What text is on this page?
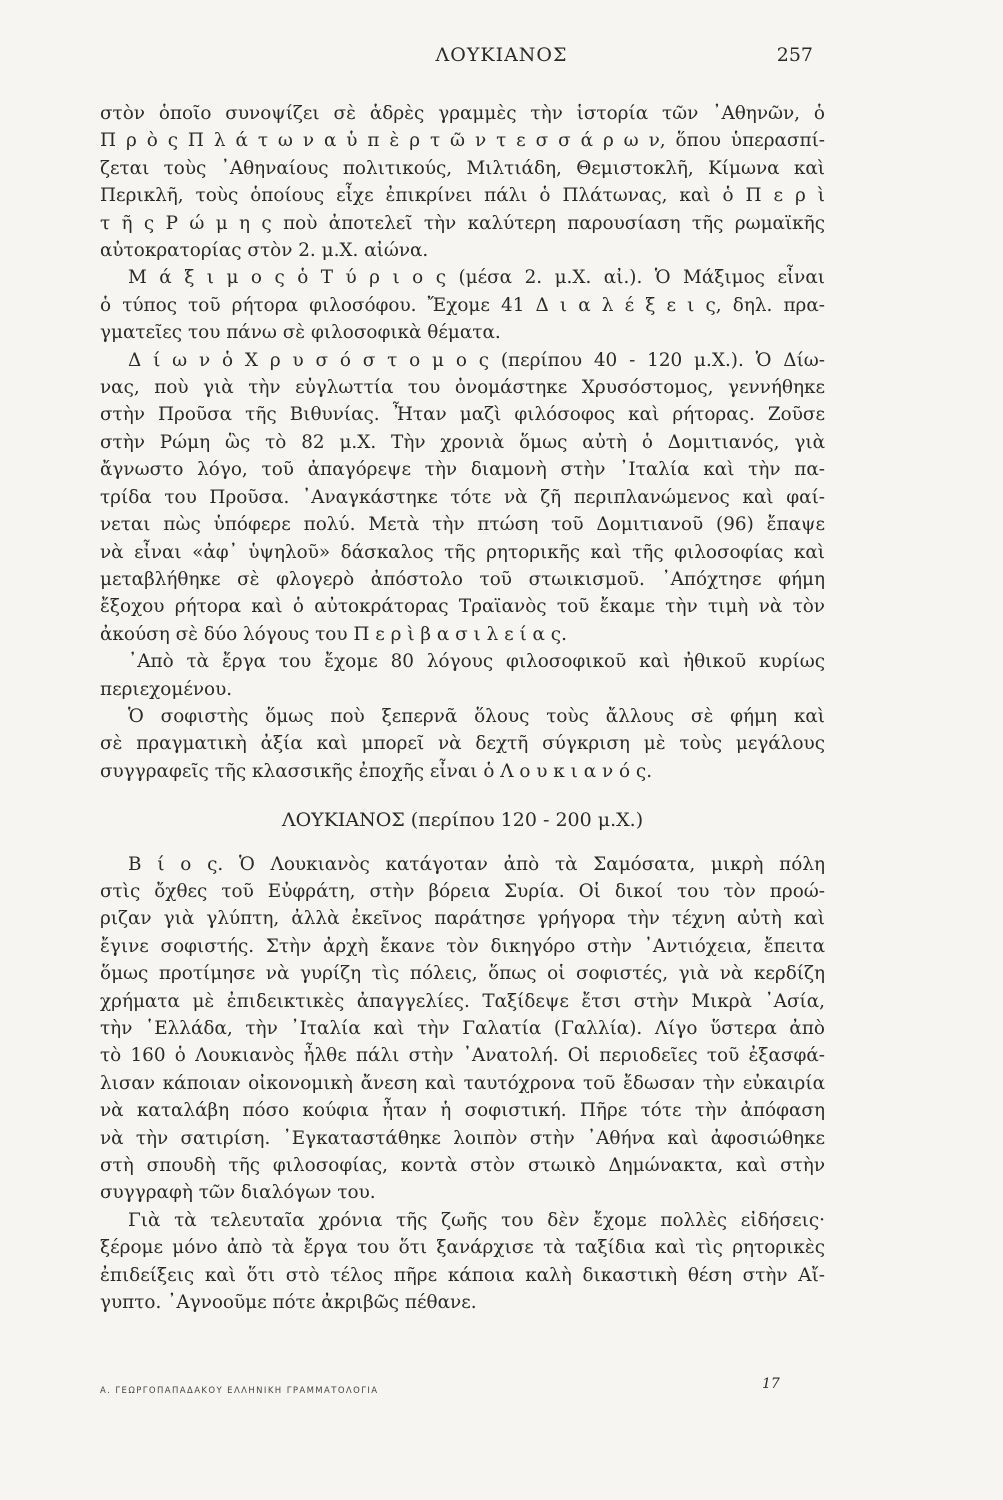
ΛΟΥΚΙΑΝΟΣ	257
στὸν ὁποῖο συνοψίζει σὲ ἁδρὲς γραμμὲς τὴν ἱστορία τῶν ᾿Αθηνῶν, ὁ
Π ρ ὸ ς Π λ ά τ ω ν α ὑ π ὲ ρ τ ῶ ν τ ε σ σ ά ρ ω ν, ὅπου ὑπερασπί-
ζεται τοὺς ᾿Αθηναίους πολιτικούς, Μιλτιάδη, Θεμιστοκλῆ, Κίμωνα καὶ
Περικλῆ, τοὺς ὁποίους εἶχε ἐπικρίνει πάλι ὁ Πλάτωνας, καὶ ὁ Π ε ρ ὶ
τ ῆ ς Ρ ώ μ η ς ποὺ ἀποτελεῖ τὴν καλύτερη παρουσίαση τῆς ρωμαϊκῆς
αὐτοκρατορίας στὸν 2. μ.Χ. αἰώνα.
Μ ά ξ ι μ ο ς ὁ Τ ύ ρ ι ο ς (μέσα 2. μ.Χ. αἰ.). Ὁ Μάξιμος εἶναι
ὁ τύπος τοῦ ρήτορα φιλοσόφου. Ἔχομε 41 Δ ι α λ έ ξ ε ι ς, δηλ. πρα-
γματεῖες του πάνω σὲ φιλοσοφικὰ θέματα.
Δ ί ω ν ὁ Χ ρ υ σ ό σ τ ο μ ο ς (περίπου 40 - 120 μ.Χ.). Ὁ Δίω-
νας, ποὺ γιὰ τὴν εὐγλωττία του ὀνομάστηκε Χρυσόστομος, γεννήθηκε
στὴν Προῦσα τῆς Βιθυνίας. Ἦταν μαζὶ φιλόσοφος καὶ ρήτορας. Ζοῦσε
στὴν Ρώμη ὣς τὸ 82 μ.Χ. Τὴν χρονιὰ ὅμως αὐτὴ ὁ Δομιτιανός, γιὰ
ἄγνωστο λόγο, τοῦ ἀπαγόρεψε τὴν διαμονὴ στὴν ᾿Ιταλία καὶ τὴν πα-
τρίδα του Προῦσα. ᾿Αναγκάστηκε τότε νὰ ζῆ περιπλανώμενος καὶ φαί-
νεται πὼς ὑπόφερε πολύ. Μετὰ τὴν πτώση τοῦ Δομιτιανοῦ (96) ἔπαψε
νὰ εἶναι «ἀφ᾿ ὑψηλοῦ» δάσκαλος τῆς ρητορικῆς καὶ τῆς φιλοσοφίας καὶ
μεταβλήθηκε σὲ φλογερὸ ἀπόστολο τοῦ στωικισμοῦ. ᾿Απόχτησε φήμη
ἔξοχου ρήτορα καὶ ὁ αὐτοκράτορας Τραϊανὸς τοῦ ἔκαμε τὴν τιμὴ νὰ τὸν
ἀκούση σὲ δύο λόγους του Π ε ρ ὶ β α σ ι λ ε ί α ς.
᾿Απὸ τὰ ἔργα του ἔχομε 80 λόγους φιλοσοφικοῦ καὶ ἠθικοῦ κυρίως
περιεχομένου.
Ὁ σοφιστὴς ὅμως ποὺ ξεπερνᾶ ὅλους τοὺς ἄλλους σὲ φήμη καὶ
σὲ πραγματικὴ ἀξία καὶ μπορεῖ νὰ δεχτῆ σύγκριση μὲ τοὺς μεγάλους
συγγραφεῖς τῆς κλασσικῆς ἐποχῆς εἶναι ὁ Λ ο υ κ ι α ν ό ς.
ΛΟΥΚΙΑΝΟΣ (περίπου 120 - 200 μ.Χ.)
Β ί ο ς. Ὁ Λουκιανὸς κατάγοταν ἀπὸ τὰ Σαμόσατα, μικρὴ πόλη
στὶς ὄχθες τοῦ Εὐφράτη, στὴν βόρεια Συρία. Οἱ δικοί του τὸν προώ-
ριζαν γιὰ γλύπτη, ἀλλὰ ἐκεῖνος παράτησε γρήγορα τὴν τέχνη αὐτὴ καὶ
ἔγινε σοφιστής. Στὴν ἀρχὴ ἔκανε τὸν δικηγόρο στὴν ᾿Αντιόχεια, ἔπειτα
ὅμως προτίμησε νὰ γυρίζη τὶς πόλεις, ὅπως οἱ σοφιστές, γιὰ νὰ κερδίζη
χρήματα μὲ ἐπιδεικτικὲς ἀπαγγελίες. Ταξίδεψε ἔτσι στὴν Μικρὰ ᾿Ασία,
τὴν ῾Ελλάδα, τὴν ᾿Ιταλία καὶ τὴν Γαλατία (Γαλλία). Λίγο ὕστερα ἀπὸ
τὸ 160 ὁ Λουκιανὸς ἦλθε πάλι στὴν ᾿Ανατολή. Οἱ περιοδεῖες τοῦ ἐξασφά-
λισαν κάποιαν οἰκονομικὴ ἄνεση καὶ ταυτόχρονα τοῦ ἔδωσαν τὴν εὐκαιρία
νὰ καταλάβη πόσο κούφια ἦταν ἡ σοφιστική. Πῆρε τότε τὴν ἀπόφαση
νὰ τὴν σατιρίση. ᾿Εγκαταστάθηκε λοιπὸν στὴν ᾿Αθήνα καὶ ἀφοσιώθηκε
στὴ σπουδὴ τῆς φιλοσοφίας, κοντὰ στὸν στωικὸ Δημώνακτα, καὶ στὴν
συγγραφὴ τῶν διαλόγων του.
Γιὰ τὰ τελευταῖα χρόνια τῆς ζωῆς του δὲν ἔχομε πολλὲς εἰδήσεις·
ξέρομε μόνο ἀπὸ τὰ ἔργα του ὅτι ξανάρχισε τὰ ταξίδια καὶ τὶς ρητορικὲς
ἐπιδείξεις καὶ ὅτι στὸ τέλος πῆρε κάποια καλὴ δικαστικὴ θέση στὴν Αἴ-
γυπτο. ᾿Αγνοοῦμε πότε ἀκριβῶς πέθανε.
Α. ΓΕΩΡΓΟΠΑΠΑΔΑΚΟΥ ΕΛΛΗΝΙΚΗ ΓΡΑΜΜΑΤΟΛΟΓΙΑ	17
